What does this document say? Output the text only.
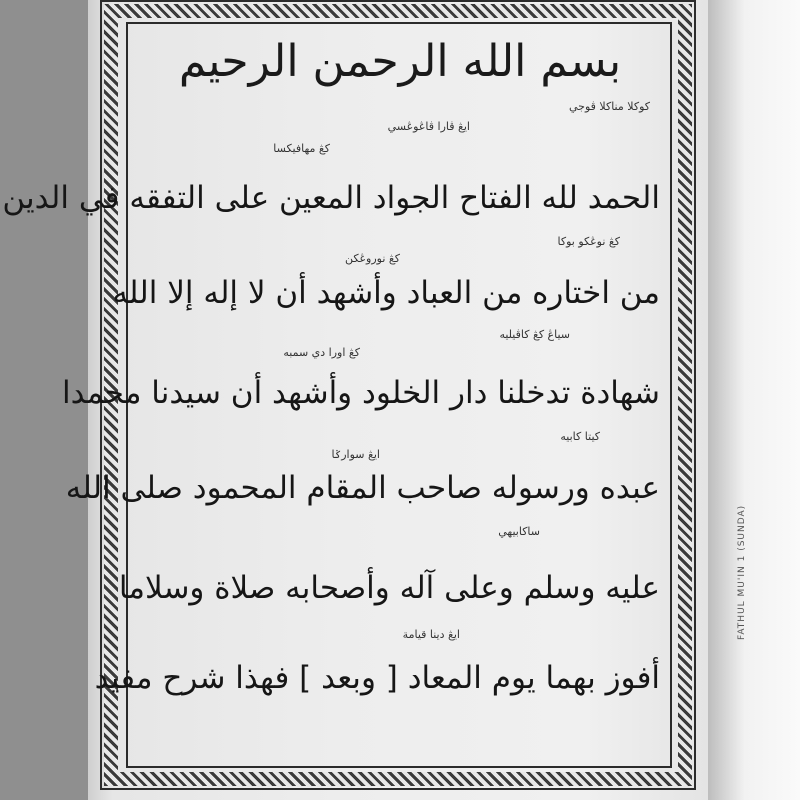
بسم الله الرحمن الرحيم
كوكلا مناكلا ڤوجي
ايڠ ڤارا ڤاڠوڠسي
كڠ مهافيكسا
الحمد لله الفتاح الجواد المعين على التفقه في الدين
كڠ نوڠكو بوكا
كڠ نوروڠكن
من اختاره من العباد وأشهد أن لا إله إلا الله
سياڠ كڠ كاڤيليه
كڠ اورا دي سمبه
شهادة تدخلنا دار الخلود وأشهد أن سيدنا محمدا
كيتا كابيه
ايڠ سوارݢا
عبده ورسوله صاحب المقام المحمود صلى الله
ساكابيهي
عليه وسلم وعلى آله وأصحابه صلاة وسلاما
ايڠ دينا قيامة
أفوز بهما يوم المعاد [ وبعد ] فهذا شرح مفيد
FATHUL MU'IN 1 (SUNDA)
